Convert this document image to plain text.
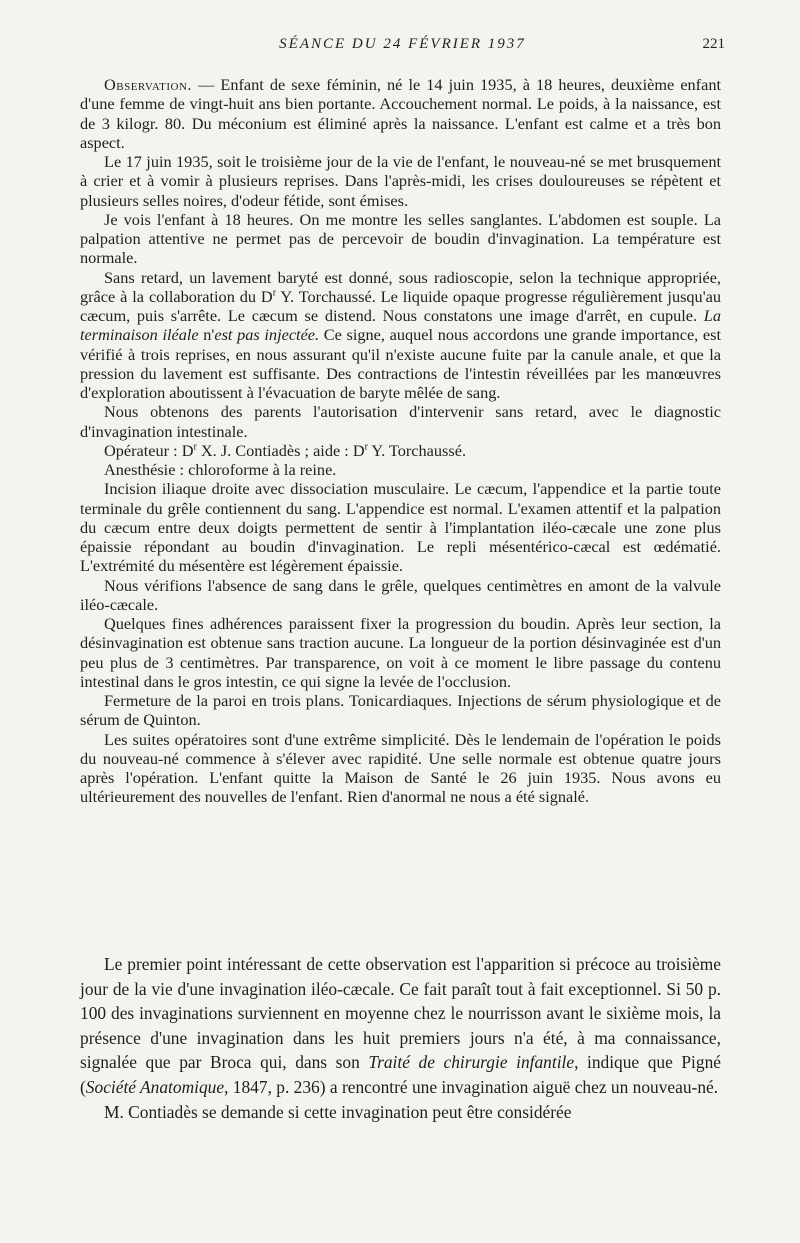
SÉANCE DU 24 FÉVRIER 1937	221

Observation. — Enfant de sexe féminin, né le 14 juin 1935, à 18 heures, deuxième enfant d'une femme de vingt-huit ans bien portante. Accouchement normal. Le poids, à la naissance, est de 3 kilogr. 80. Du méconium est éliminé après la naissance. L'enfant est calme et a très bon aspect.

Le 17 juin 1935, soit le troisième jour de la vie de l'enfant, le nouveau-né se met brusquement à crier et à vomir à plusieurs reprises. Dans l'après-midi, les crises douloureuses se répètent et plusieurs selles noires, d'odeur fétide, sont émises.

Je vois l'enfant à 18 heures. On me montre les selles sanglantes. L'abdomen est souple. La palpation attentive ne permet pas de percevoir de boudin d'invagination. La température est normale.

Sans retard, un lavement baryté est donné, sous radioscopie, selon la technique appropriée, grâce à la collaboration du $D^r$ Y. Torchaussé. Le liquide opaque progresse régulièrement jusqu'au cæcum, puis s'arrête. Le cæcum se distend. Nous constatons une image d'arrêt, en cupule. La terminaison iléale n'est pas injectée. Ce signe, auquel nous accordons une grande importance, est vérifié à trois reprises, en nous assurant qu'il n'existe aucune fuite par la canule anale, et que la pression du lavement est suffisante. Des contractions de l'intestin réveillées par les manœuvres d'exploration aboutissent à l'évacuation de baryte mêlée de sang.

Nous obtenons des parents l'autorisation d'intervenir sans retard, avec le diagnostic d'invagination intestinale.

Opérateur : $D^r$ X. J. Contiadès ; aide : $D^r$ Y. Torchaussé.

Anesthésie : chloroforme à la reine.

Incision iliaque droite avec dissociation musculaire. Le cæcum, l'appendice et la partie toute terminale du grêle contiennent du sang. L'appendice est normal. L'examen attentif et la palpation du cæcum entre deux doigts permettent de sentir à l'implantation iléo-cæcale une zone plus épaissie répondant au boudin d'invagination. Le repli mésentérico-cæcal est œdématié. L'extrémité du mésentère est légèrement épaissie.

Nous vérifions l'absence de sang dans le grêle, quelques centimètres en amont de la valvule iléo-cæcale.

Quelques fines adhérences paraissent fixer la progression du boudin. Après leur section, la désinvagination est obtenue sans traction aucune. La longueur de la portion désinvaginée est d'un peu plus de 3 centimètres. Par transparence, on voit à ce moment le libre passage du contenu intestinal dans le gros intestin, ce qui signe la levée de l'occlusion.

Fermeture de la paroi en trois plans. Tonicardiaques. Injections de sérum physiologique et de sérum de Quinton.

Les suites opératoires sont d'une extrême simplicité. Dès le lendemain de l'opération le poids du nouveau-né commence à s'élever avec rapidité. Une selle normale est obtenue quatre jours après l'opération. L'enfant quitte la Maison de Santé le 26 juin 1935. Nous avons eu ultérieurement des nouvelles de l'enfant. Rien d'anormal ne nous a été signalé.

Le premier point intéressant de cette observation est l'apparition si précoce au troisième jour de la vie d'une invagination iléo-cæcale. Ce fait paraît tout à fait exceptionnel. Si 50 p. 100 des invaginations surviennent en moyenne chez le nourrisson avant le sixième mois, la présence d'une invagination dans les huit premiers jours n'a été, à ma connaissance, signalée que par Broca qui, dans son Traité de chirurgie infantile, indique que Pigné (Société Anatomique, 1847, p. 236) a rencontré une invagination aiguë chez un nouveau-né.

M. Contiadès se demande si cette invagination peut être considérée
